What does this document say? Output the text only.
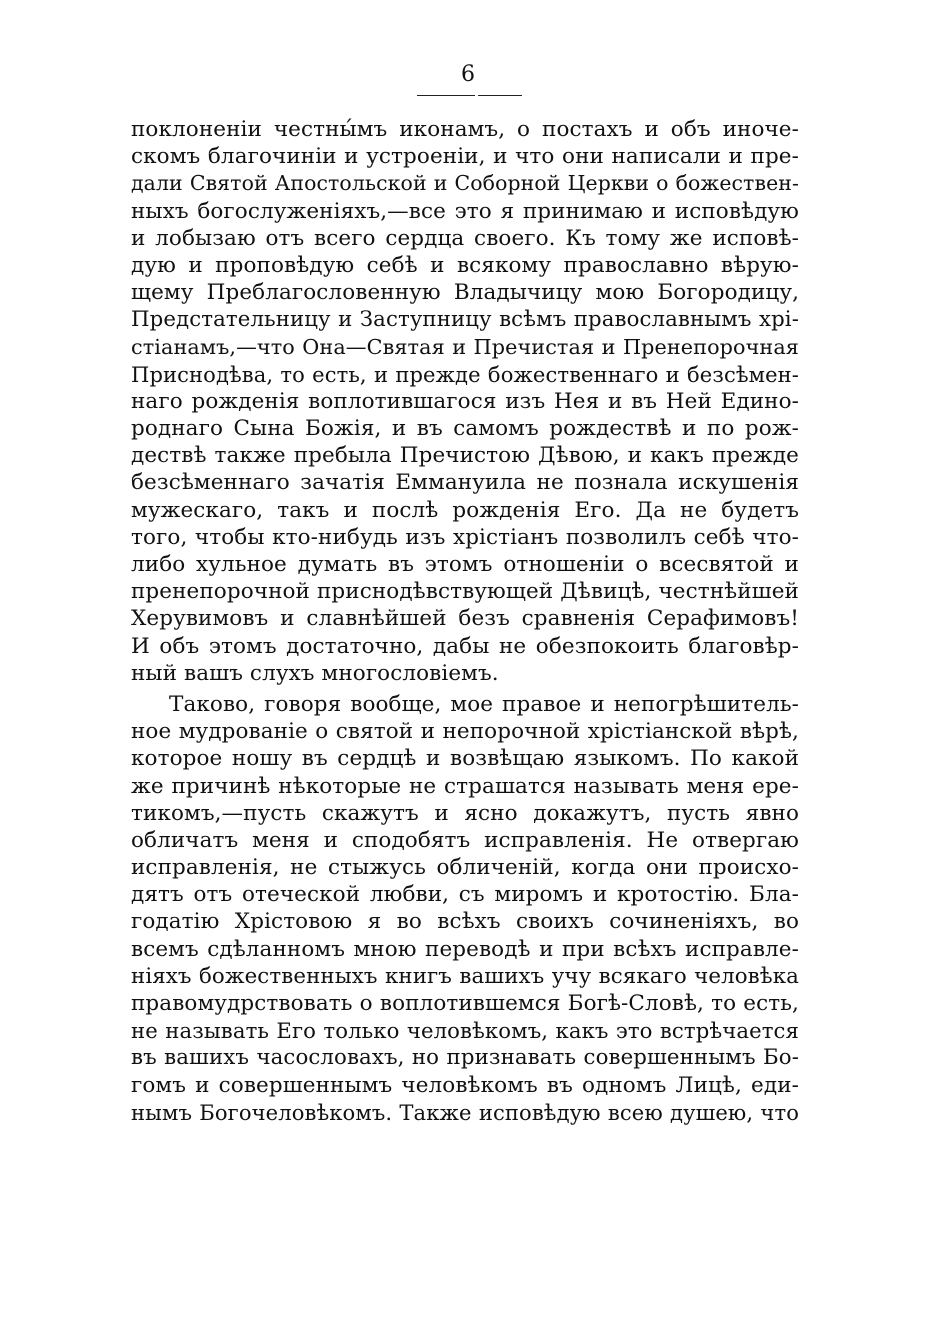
6
поклоненіи честны́мъ иконамъ, о постахъ и объ иноче-
скомъ благочиніи и устроеніи, и что они написали и пре-
дали Святой Апостольской и Соборной Церкви о божествен-
ныхъ богослуженіяхъ,—все это я принимаю и исповѣдую
и лобызаю отъ всего сердца своего. Къ тому же исповѣ-
дую и проповѣдую себѣ и всякому православно вѣрую-
щему Преблагословенную Владычицу мою Богородицу,
Предстательницу и Заступницу всѣмъ православнымъ хрі-
стіанамъ,—что Она—Святая и Пречистая и Пренепорочная
Приснодѣва, то есть, и прежде божественнаго и безсѣмен-
наго рожденія воплотившагося изъ Нея и въ Ней Едино-
роднаго Сына Божія, и въ самомъ рождествѣ и по рож-
дествѣ также пребыла Пречистою Дѣвою, и какъ прежде
безсѣменнаго зачатія Еммануила не познала искушенія
мужескаго, такъ и послѣ рожденія Его. Да не будетъ
того, чтобы кто-нибудь изъ хрістіанъ позволилъ себѣ что-
либо хульное думать въ этомъ отношеніи о всесвятой и
пренепорочной приснодѣвствующей Дѣвицѣ, честнѣйшей
Херувимовъ и славнѣйшей безъ сравненія Серафимовъ!
И объ этомъ достаточно, дабы не обезпокоить благовѣр-
ный вашъ слухъ многословіемъ.
Таково, говоря вообще, мое правое и непогрѣшитель-
ное мудрованіе о святой и непорочной хрістіанской вѣрѣ,
которое ношу въ сердцѣ и возвѣщаю языкомъ. По какой
же причинѣ нѣкоторые не страшатся называть меня ере-
тикомъ,—пусть скажутъ и ясно докажутъ, пусть явно
обличатъ меня и сподобятъ исправленія. Не отвергаю
исправленія, не стыжусь обличеній, когда они происхо-
дятъ отъ отеческой любви, съ миромъ и кротостію. Бла-
годатію Хрістовою я во всѣхъ своихъ сочиненіяхъ, во
всемъ сдѣланномъ мною переводѣ и при всѣхъ исправле-
ніяхъ божественныхъ книгъ вашихъ учу всякаго человѣка
правомудрствовать о воплотившемся Богѣ-Словѣ, то есть,
не называть Его только человѣкомъ, какъ это встрѣчается
въ вашихъ часословахъ, но признавать совершеннымъ Бо-
гомъ и совершеннымъ человѣкомъ въ одномъ Лицѣ, еди-
нымъ Богочеловѣкомъ. Также исповѣдую всею душею, что
